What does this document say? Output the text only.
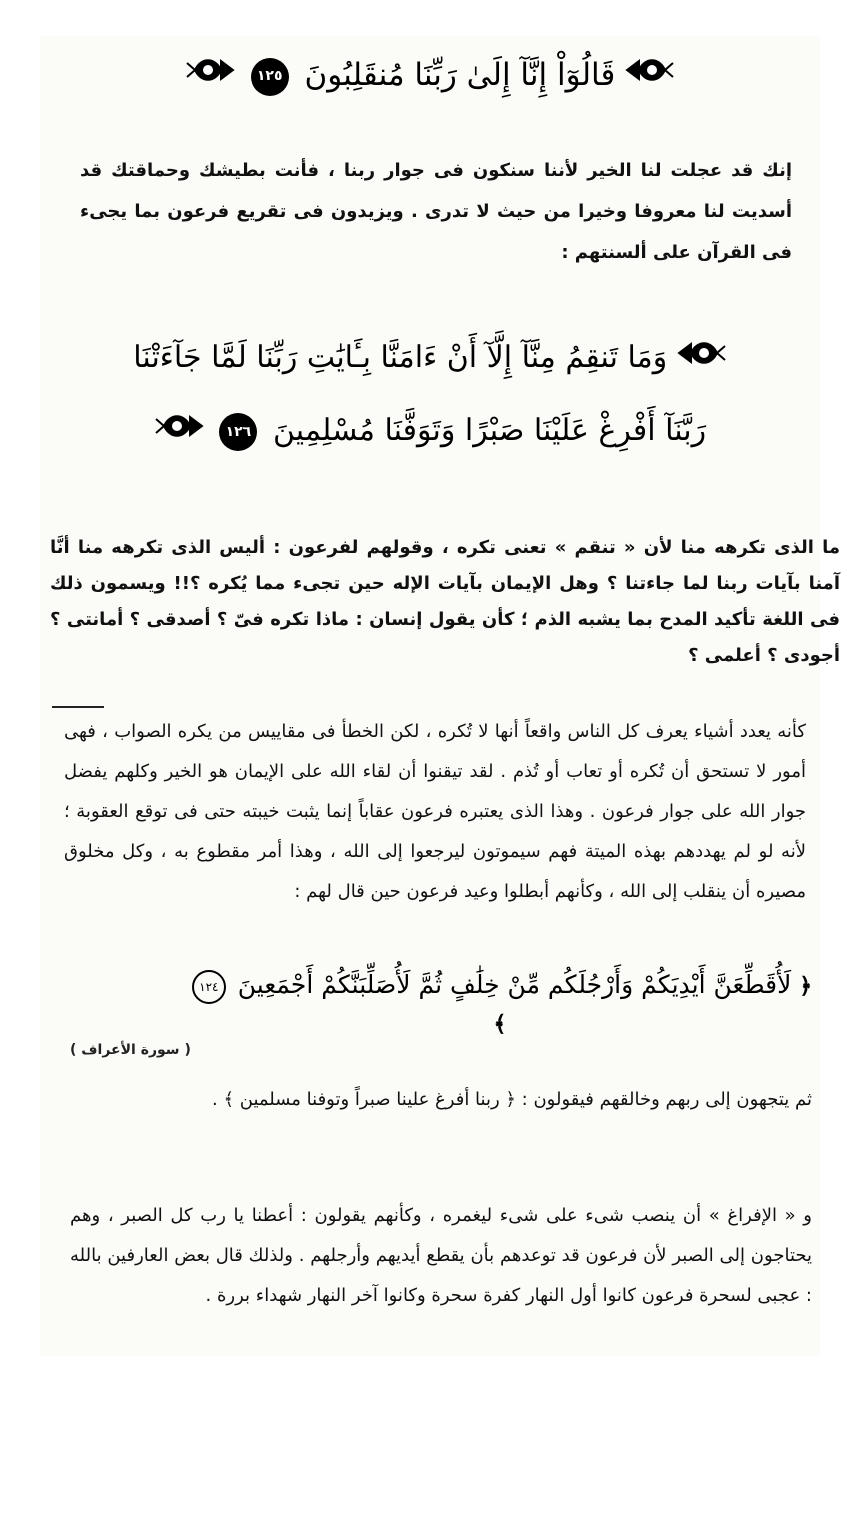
قَالُوٓاْ إِنَّآ إِلَىٰ رَبِّنَا مُنقَلِبُونَ ١٢٥
إنك قد عجلت لنا الخير لأننا سنكون فى جوار ربنا ، فأنت بطيشك وحماقتك قد أسديت لنا معروفا وخيرا من حيث لا تدرى . ويزيدون فى تقريع فرعون بما يجىء فى القرآن على ألسنتهم :
وَمَا تَنقِمُ مِنَّآ إِلَّآ أَنْ ءَامَنَّا بِـَٔايَٰتِ رَبِّنَا لَمَّا جَآءَتْنَا
رَبَّنَآ أَفْرِغْ عَلَيْنَا صَبْرًا وَتَوَفَّنَا مُسْلِمِينَ ١٢٦
ما الذى تكرهه منا لأن « تنقم » تعنى تكره ، وقولهم لفرعون : أليس الذى تكرهه منا أنَّا آمنا بآيات ربنا لما جاءتنا ؟ وهل الإيمان بآيات الإله حين تجىء مما يُكره ؟!! ويسمون ذلك فى اللغة تأكيد المدح بما يشبه الذم ؛ كأن يقول إنسان : ماذا تكره فىّ ؟ أصدقى ؟ أمانتى ؟ أجودى ؟ أعلمى ؟
كأنه يعدد أشياء يعرف كل الناس واقعاً أنها لا تُكره ، لكن الخطأ فى مقاييس من يكره الصواب ، فهى أمور لا تستحق أن تُكره أو تعاب أو تُذم . لقد تيقنوا أن لقاء الله على الإيمان هو الخير وكلهم يفضل جوار الله على جوار فرعون . وهذا الذى يعتبره فرعون عقاباً إنما يثبت خيبته حتى فى توقع العقوبة ؛ لأنه لو لم يهددهم بهذه الميتة فهم سيموتون ليرجعوا إلى الله ، وهذا أمر مقطوع به ، وكل مخلوق مصيره أن ينقلب إلى الله ، وكأنهم أبطلوا وعيد فرعون حين قال لهم :
﴿ لَأُقَطِّعَنَّ أَيْدِيَكُمْ وَأَرْجُلَكُم مِّنْ خِلَٰفٍ ثُمَّ لَأُصَلِّبَنَّكُمْ أَجْمَعِينَ ١٢٤ ﴾
( سورة الأعراف )
ثم يتجهون إلى ربهم وخالقهم فيقولون : ﴿ ربنا أفرغ علينا صبراً وتوفنا مسلمين ﴾ .
و « الإفراغ » أن ينصب شىء على شىء ليغمره ، وكأنهم يقولون : أعطنا يا رب كل الصبر ، وهم يحتاجون إلى الصبر لأن فرعون قد توعدهم بأن يقطع أيديهم وأرجلهم . ولذلك قال بعض العارفين بالله : عجبى لسحرة فرعون كانوا أول النهار كفرة سحرة وكانوا آخر النهار شهداء بررة .
